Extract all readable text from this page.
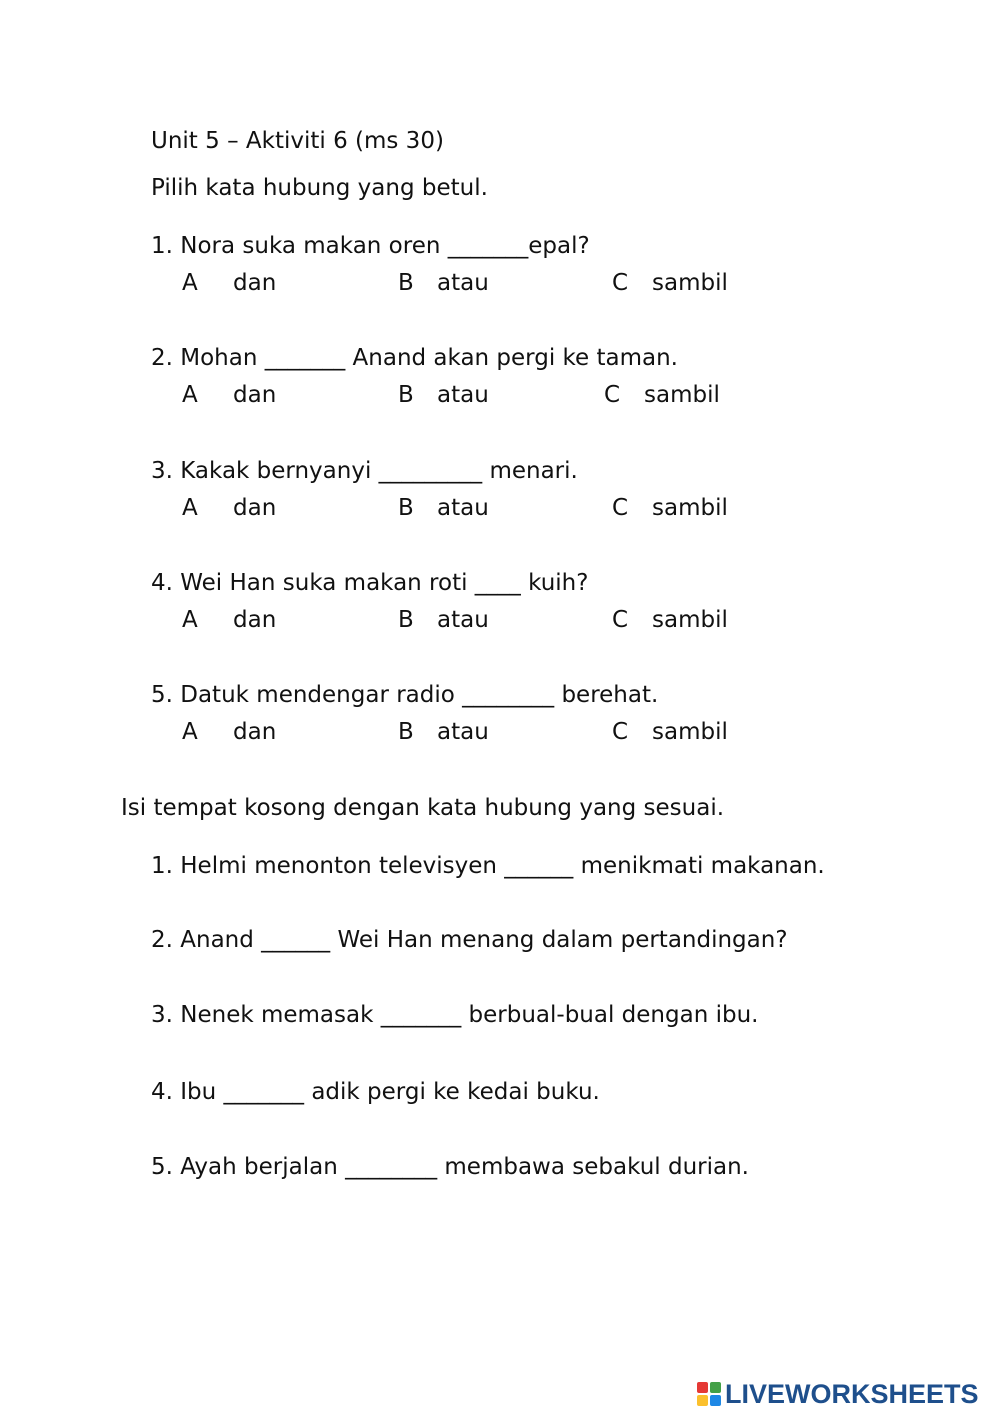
Unit 5 – Aktiviti 6 (ms 30)
Pilih kata hubung yang betul.
1. Nora suka makan oren _______epal?
A dan	B atau	C sambil
2. Mohan _______ Anand akan pergi ke taman.
A dan	B atau	C sambil
3. Kakak bernyanyi _________ menari.
A dan	B atau	C sambil
4. Wei Han suka makan roti ____ kuih?
A dan	B atau	C sambil
5. Datuk mendengar radio ________ berehat.
A dan	B atau	C sambil
Isi tempat kosong dengan kata hubung yang sesuai.
1. Helmi menonton televisyen ______ menikmati makanan.
2. Anand ______ Wei Han menang dalam pertandingan?
3. Nenek memasak _______ berbual-bual dengan ibu.
4. Ibu _______ adik pergi ke kedai buku.
5. Ayah berjalan ________ membawa sebakul durian.
LIVEWORKSHEETS
